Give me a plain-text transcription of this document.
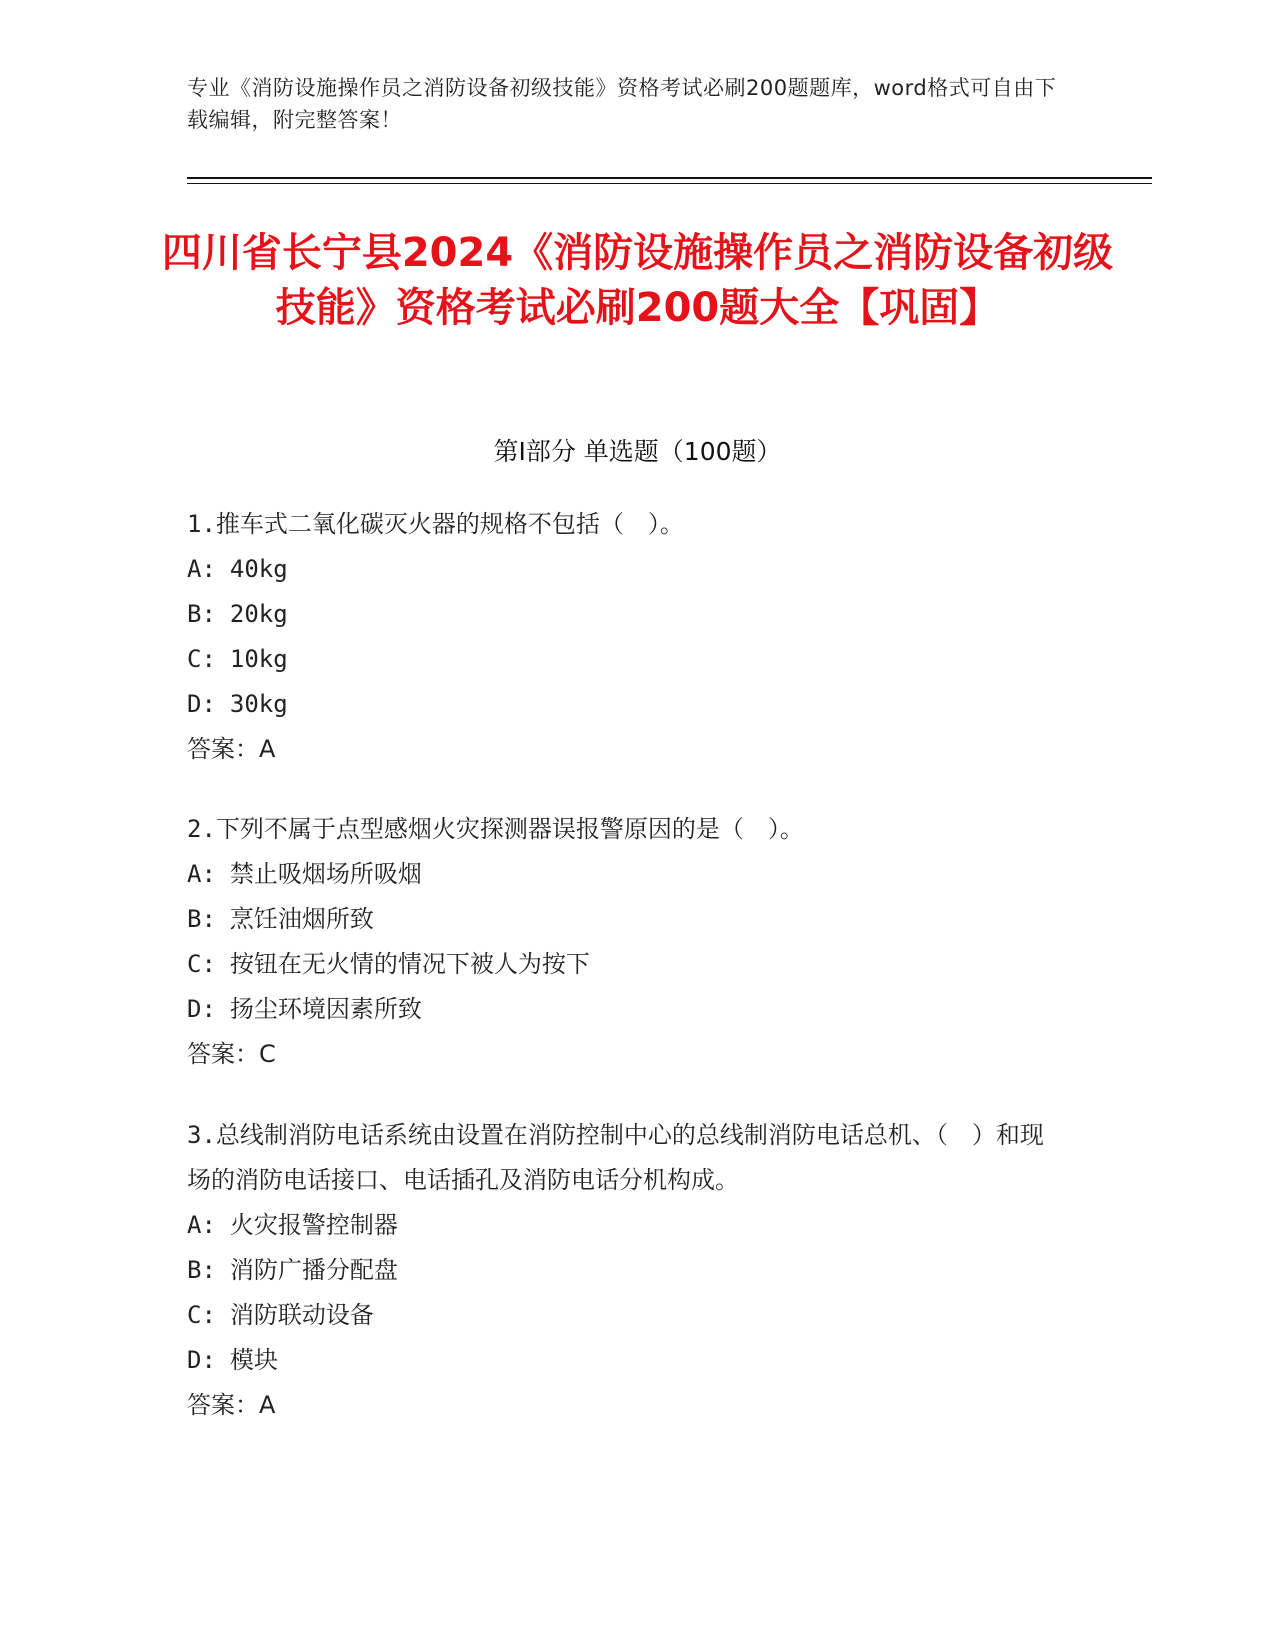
专业《消防设施操作员之消防设备初级技能》资格考试必刷200题题库，word格式可自由下载编辑，附完整答案！
四川省长宁县2024《消防设施操作员之消防设备初级技能》资格考试必刷200题大全【巩固】
第I部分 单选题（100题）

1.推车式二氧化碳灭火器的规格不包括（　）。

A: 40kg

B: 20kg

C: 10kg

D: 30kg

答案：A

2.下列不属于点型感烟火灾探测器误报警原因的是（　）。

A: 禁止吸烟场所吸烟

B: 烹饪油烟所致

C: 按钮在无火情的情况下被人为按下

D: 扬尘环境因素所致

答案：C

3.总线制消防电话系统由设置在消防控制中心的总线制消防电话总机、（　）和现场的消防电话接口、电话插孔及消防电话分机构成。

A: 火灾报警控制器

B: 消防广播分配盘

C: 消防联动设备

D: 模块

答案：A
